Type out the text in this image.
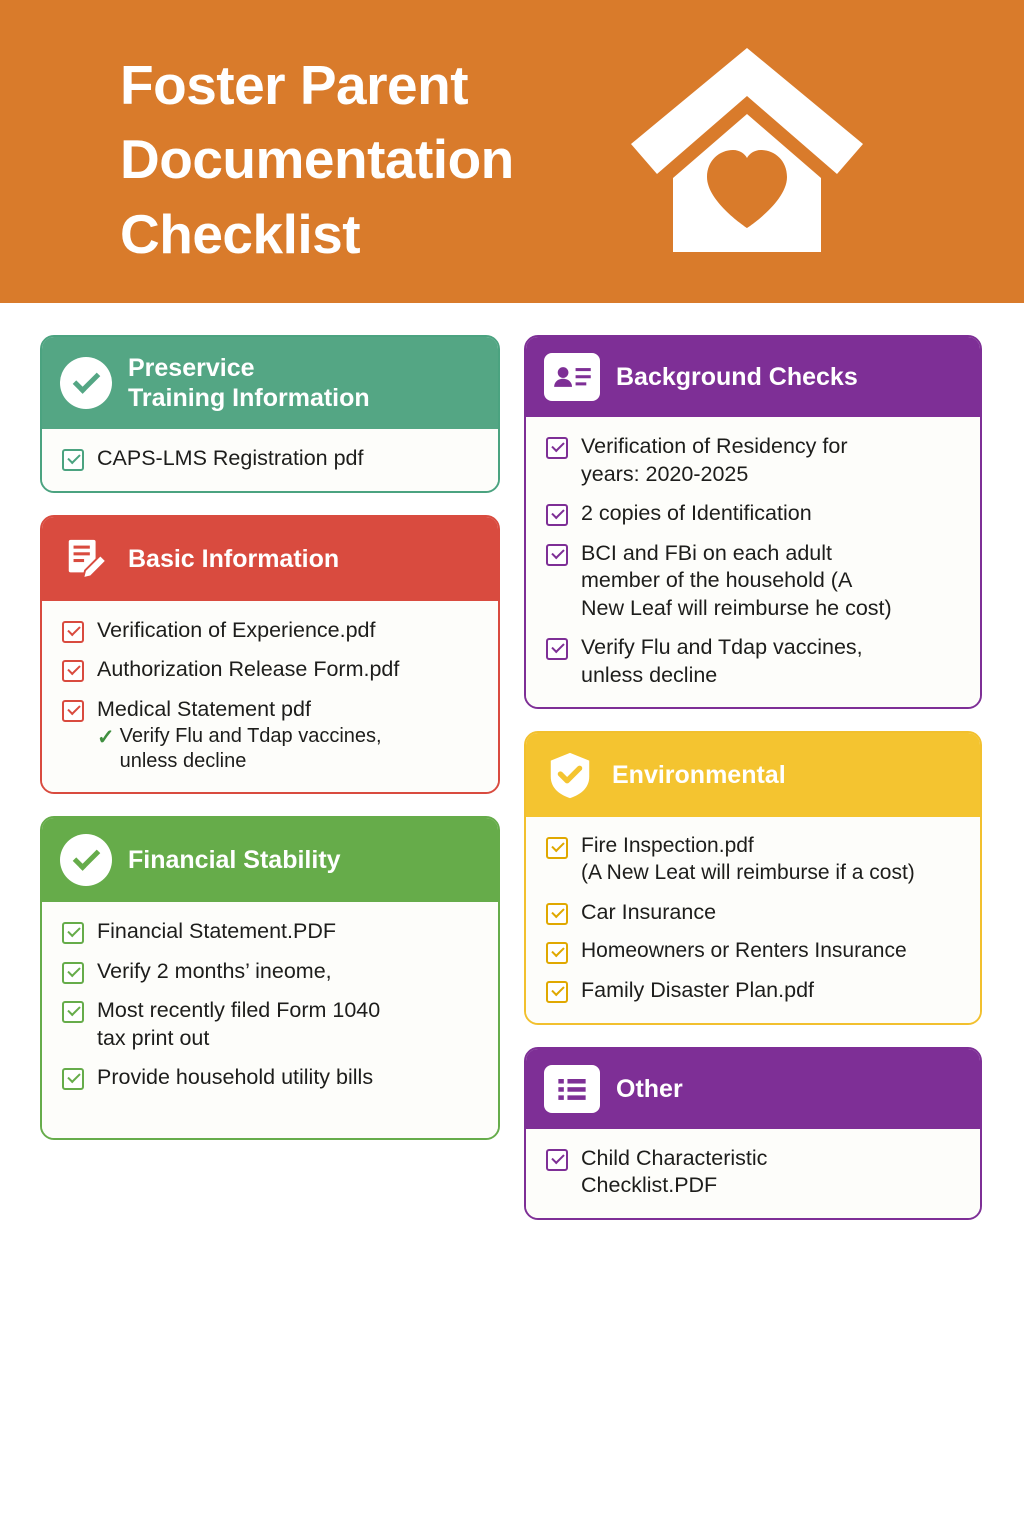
Foster Parent
Documentation
Checklist
Preservice
Training Information
CAPS-LMS Registration pdf
Basic Information
Verification of Experience.pdf
Authorization Release Form.pdf
Medical Statement pdf
✓ Verify Flu and Tdap vaccines,
unless decline
Financial Stability
Financial Statement.PDF
Verify 2 months’ ineome,
Most recently filed Form 1040
tax print out
Provide household utility bills
Background Checks
Verification of Residency for
years: 2020-2025
2 copies of Identification
BCI and FBi on each adult
member of the household (A
New Leaf will reimburse he cost)
Verify Flu and Tdap vaccines,
unless decline
Environmental
Fire Inspection.pdf
(A New Leat will reimburse if a cost)
Car Insurance
Homeowners or Renters Insurance
Family Disaster Plan.pdf
Other
Child Characteristic
Checklist.PDF
